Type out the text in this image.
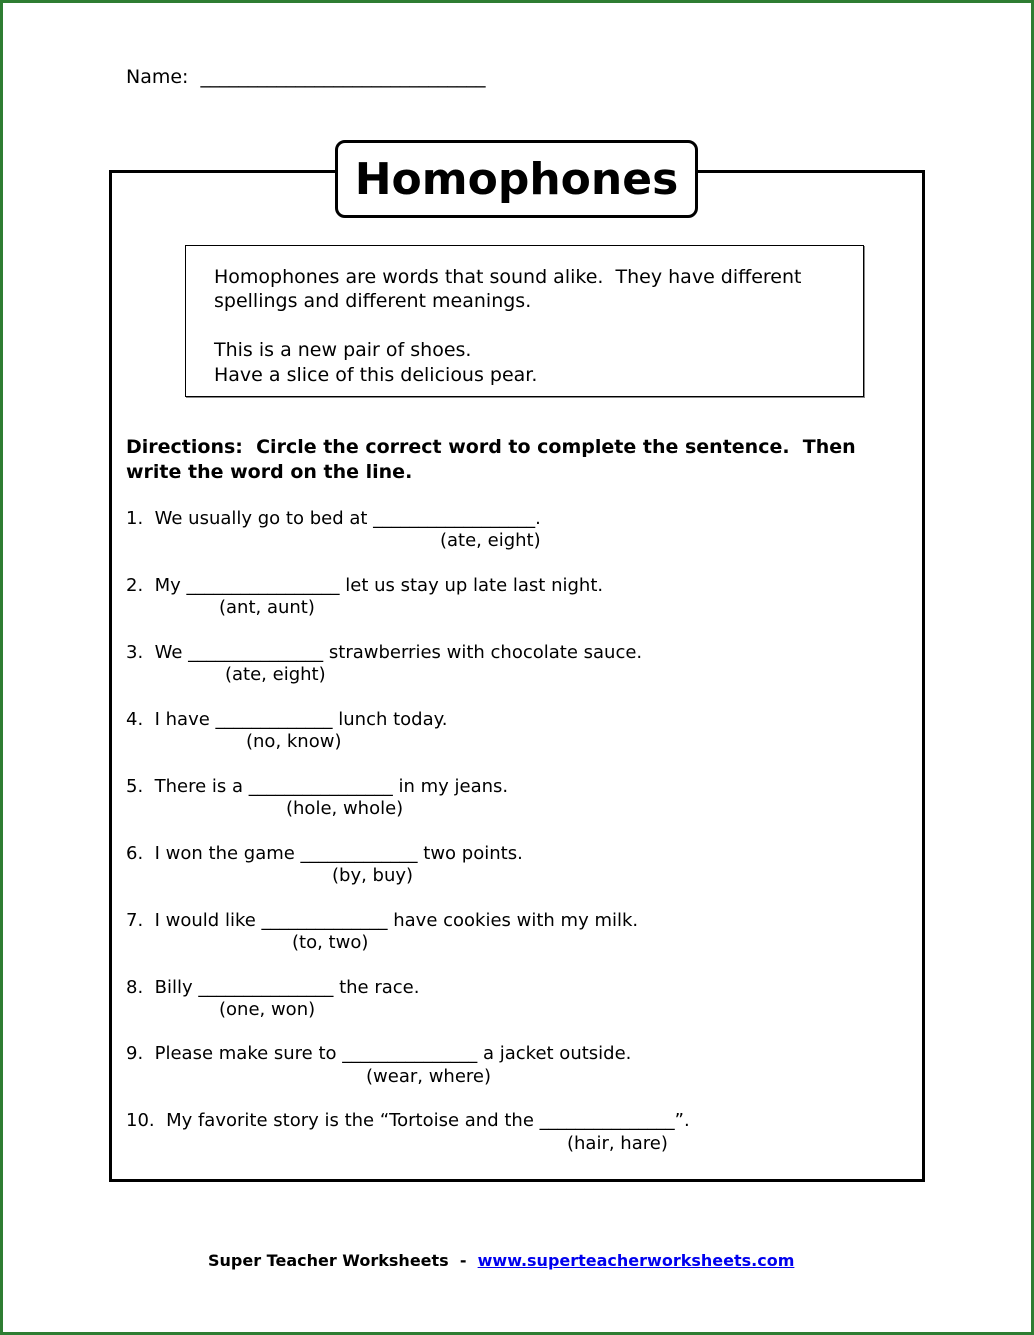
Name:  ______________________________
Homophones
Homophones are words that sound alike.  They have different
spellings and different meanings.
This is a new pair of shoes.
Have a slice of this delicious pear.
Directions:  Circle the correct word to complete the sentence.  Then
write the word on the line.
1.  We usually go to bed at __________________.
(ate, eight)
2.  My _________________ let us stay up late last night.
(ant, aunt)
3.  We _______________ strawberries with chocolate sauce.
(ate, eight)
4.  I have _____________ lunch today.
(no, know)
5.  There is a ________________ in my jeans.
(hole, whole)
6.  I won the game _____________ two points.
(by, buy)
7.  I would like ______________ have cookies with my milk.
(to, two)
8.  Billy _______________ the race.
(one, won)
9.  Please make sure to _______________ a jacket outside.
(wear, where)
10.  My favorite story is the “Tortoise and the _______________”.
(hair, hare)
Super Teacher Worksheets  -  www.superteacherworksheets.com
